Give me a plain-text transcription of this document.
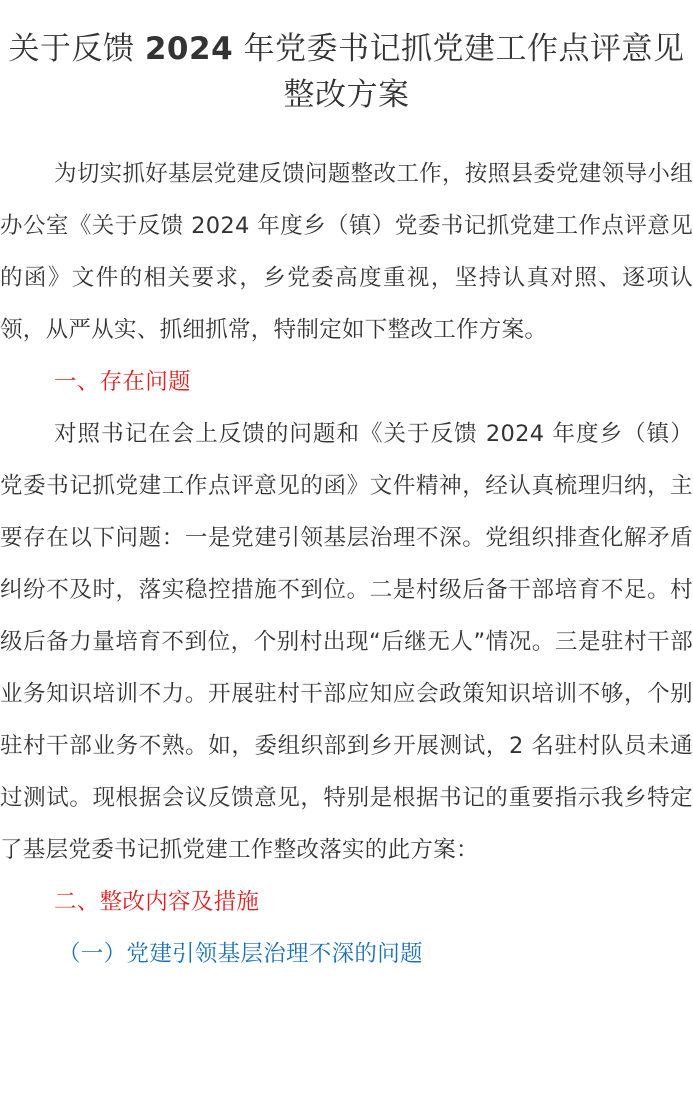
关于反馈 2024 年党委书记抓党建工作点评意见整改方案

为切实抓好基层党建反馈问题整改工作，按照县委党建领导小组办公室《关于反馈 2024 年度乡（镇）党委书记抓党建工作点评意见的函》文件的相关要求，乡党委高度重视，坚持认真对照、逐项认领，从严从实、抓细抓常，特制定如下整改工作方案。

一、存在问题

对照书记在会上反馈的问题和《关于反馈 2024 年度乡（镇）党委书记抓党建工作点评意见的函》文件精神，经认真梳理归纳，主要存在以下问题：一是党建引领基层治理不深。党组织排查化解矛盾纠纷不及时，落实稳控措施不到位。二是村级后备干部培育不足。村级后备力量培育不到位，个别村出现“后继无人”情况。三是驻村干部业务知识培训不力。开展驻村干部应知应会政策知识培训不够，个别驻村干部业务不熟。如，委组织部到乡开展测试，2 名驻村队员未通过测试。现根据会议反馈意见，特别是根据书记的重要指示我乡特定了基层党委书记抓党建工作整改落实的此方案：

二、整改内容及措施

（一）党建引领基层治理不深的问题
